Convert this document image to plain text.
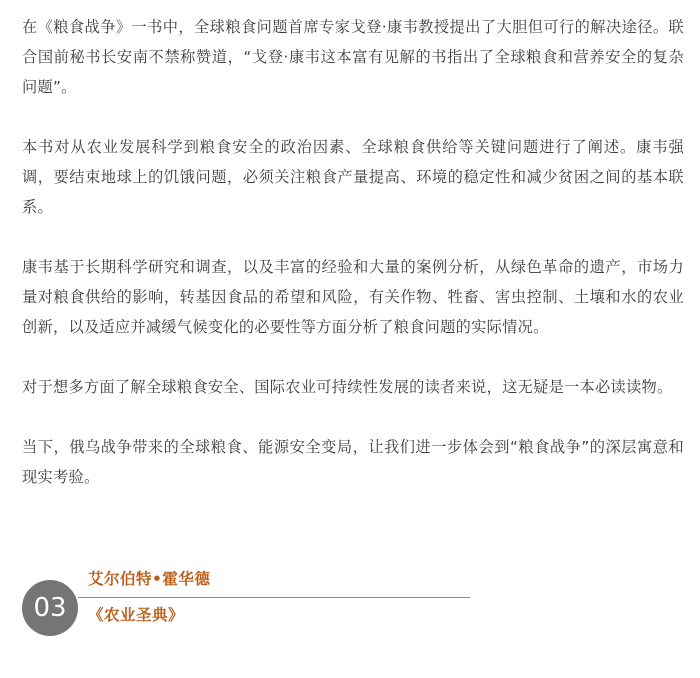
在《粮食战争》一书中，全球粮食问题首席专家戈登·康韦教授提出了大胆但可行的解决途径。联合国前秘书长安南不禁称赞道，“戈登·康韦这本富有见解的书指出了全球粮食和营养安全的复杂问题”。

本书对从农业发展科学到粮食安全的政治因素、全球粮食供给等关键问题进行了阐述。康韦强调，要结束地球上的饥饿问题，必须关注粮食产量提高、环境的稳定性和减少贫困之间的基本联系。

康韦基于长期科学研究和调查，以及丰富的经验和大量的案例分析，从绿色革命的遗产，市场力量对粮食供给的影响，转基因食品的希望和风险，有关作物、牲畜、害虫控制、土壤和水的农业创新，以及适应并减缓气候变化的必要性等方面分析了粮食问题的实际情况。

对于想多方面了解全球粮食安全、国际农业可持续性发展的读者来说，这无疑是一本必读读物。

当下，俄乌战争带来的全球粮食、能源安全变局，让我们进一步体会到“粮食战争”的深层寓意和现实考验。

03
艾尔伯特•霍华德
《农业圣典》
